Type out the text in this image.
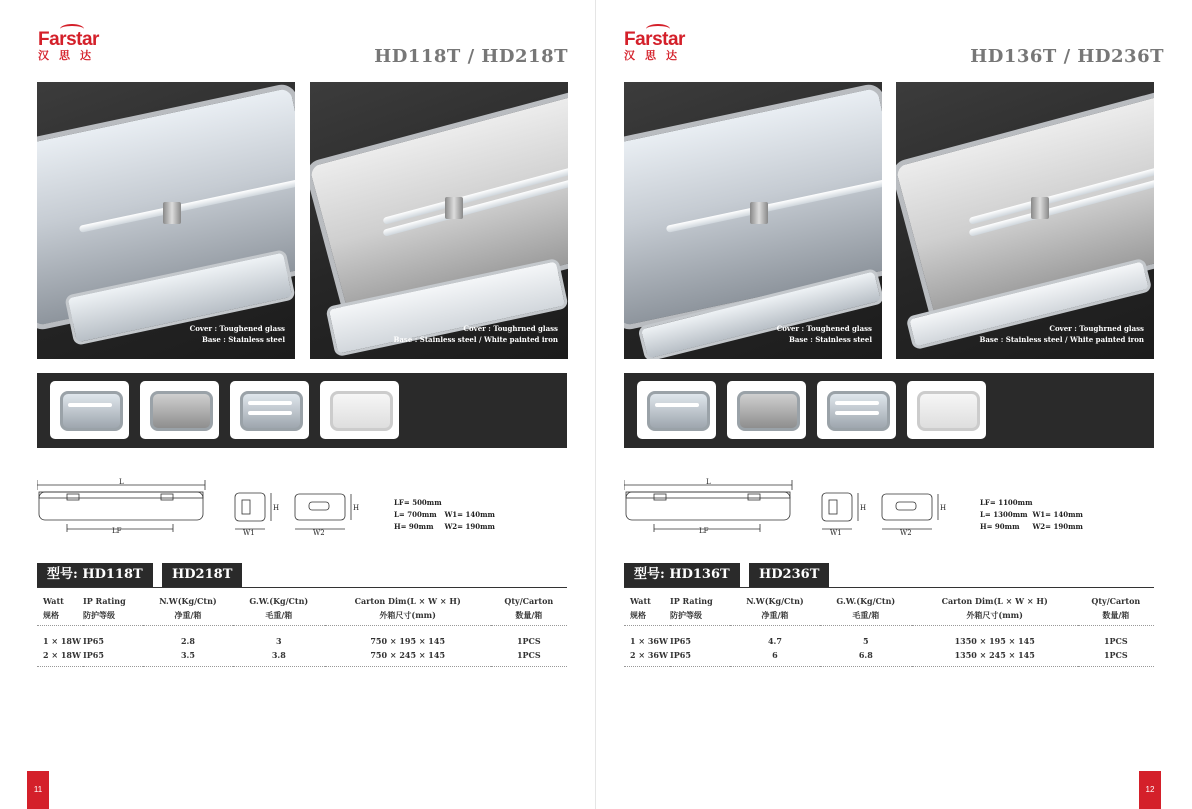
Farstar
汉思达	HD118T / HD218T
Cover : Toughened glass
Base : Stainless steel
Cover : Toughrned glass
Base : Stainless steel / White painted iron
L
LF
H	H
W1	W2
LF= 500mm
L= 700mm W1= 140mm
H= 90mm W2= 190mm
型号: HD118T	HD218T
Watt	IP Rating	N.W(Kg/Ctn)	G.W.(Kg/Ctn)	Carton Dim(L × W × H)	Qty/Carton
规格	防护等级	净重/箱	毛重/箱	外箱尺寸(mm)	数量/箱
1 × 18W	IP65	2.8	3	750 × 195 × 145	1PCS
2 × 18W	IP65	3.5	3.8	750 × 245 × 145	1PCS
11
Farstar
汉思达	HD136T / HD236T
Cover : Toughened glass
Base : Stainless steel
Cover : Toughrned glass
Base : Stainless steel / White painted iron
L
LF
H	H
W1	W2
LF= 1100mm
L= 1300mm W1= 140mm
H= 90mm W2= 190mm
型号: HD136T	HD236T
Watt	IP Rating	N.W(Kg/Ctn)	G.W.(Kg/Ctn)	Carton Dim(L × W × H)	Qty/Carton
规格	防护等级	净重/箱	毛重/箱	外箱尺寸(mm)	数量/箱
1 × 36W	IP65	4.7	5	1350 × 195 × 145	1PCS
2 × 36W	IP65	6	6.8	1350 × 245 × 145	1PCS
12
